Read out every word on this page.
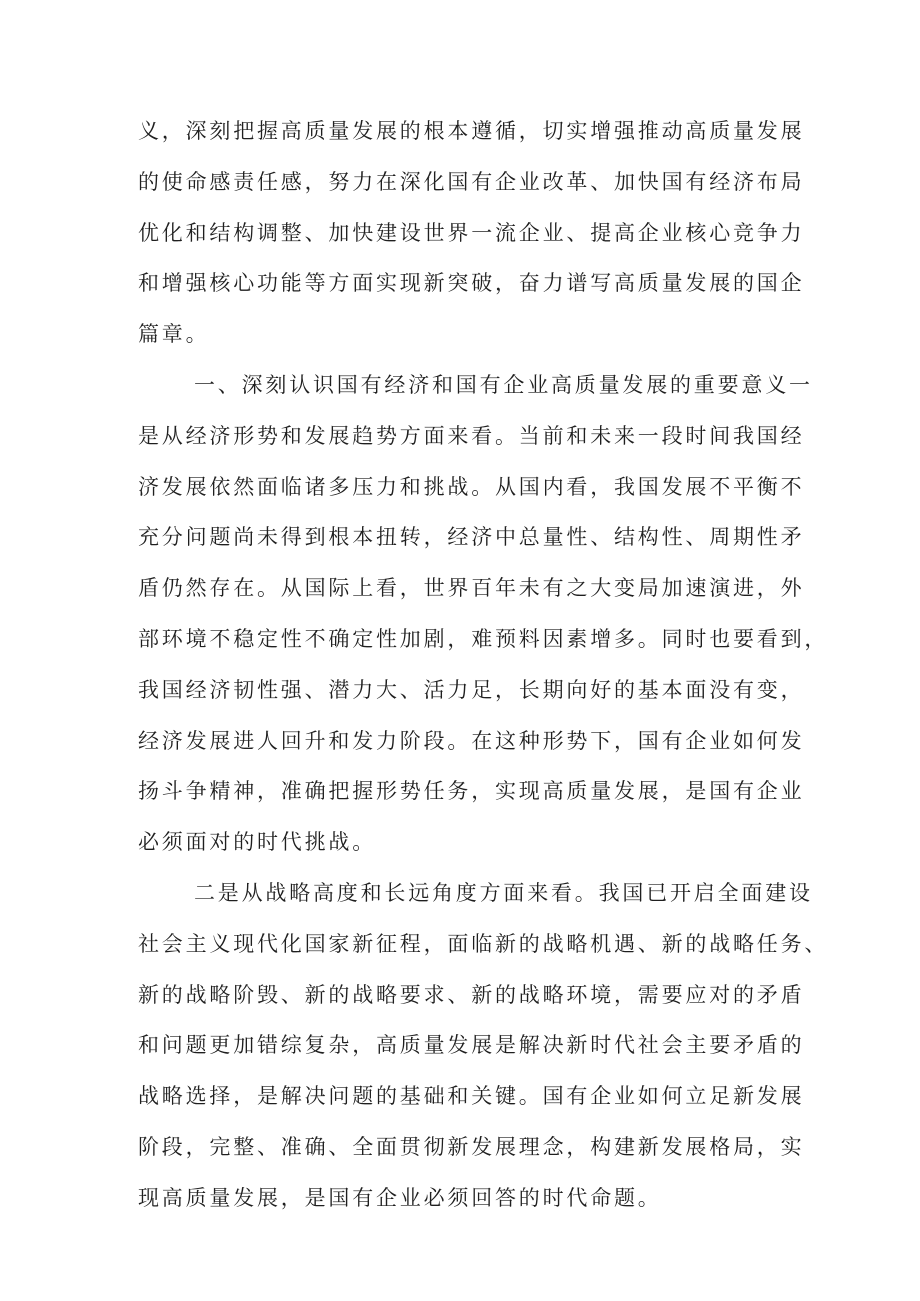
义，深刻把握高质量发展的根本遵循，切实增强推动高质量发展
的使命感责任感，努力在深化国有企业改革、加快国有经济布局
优化和结构调整、加快建设世界一流企业、提高企业核心竞争力
和增强核心功能等方面实现新突破，奋力谱写高质量发展的国企
篇章。
一、深刻认识国有经济和国有企业高质量发展的重要意义一
是从经济形势和发展趋势方面来看。当前和未来一段时间我国经
济发展依然面临诸多压力和挑战。从国内看，我国发展不平衡不
充分问题尚未得到根本扭转，经济中总量性、结构性、周期性矛
盾仍然存在。从国际上看，世界百年未有之大变局加速演进，外
部环境不稳定性不确定性加剧，难预料因素增多。同时也要看到，
我国经济韧性强、潜力大、活力足，长期向好的基本面没有变，
经济发展进人回升和发力阶段。在这种形势下，国有企业如何发
扬斗争精神，准确把握形势任务，实现高质量发展，是国有企业
必须面对的时代挑战。
二是从战略高度和长远角度方面来看。我国已开启全面建设
社会主义现代化国家新征程，面临新的战略机遇、新的战略任务、
新的战略阶毁、新的战略要求、新的战略环境，需要应对的矛盾
和问题更加错综复杂，高质量发展是解决新时代社会主要矛盾的
战略选择，是解决问题的基础和关键。国有企业如何立足新发展
阶段，完整、准确、全面贯彻新发展理念，构建新发展格局，实
现高质量发展，是国有企业必须回答的时代命题。
